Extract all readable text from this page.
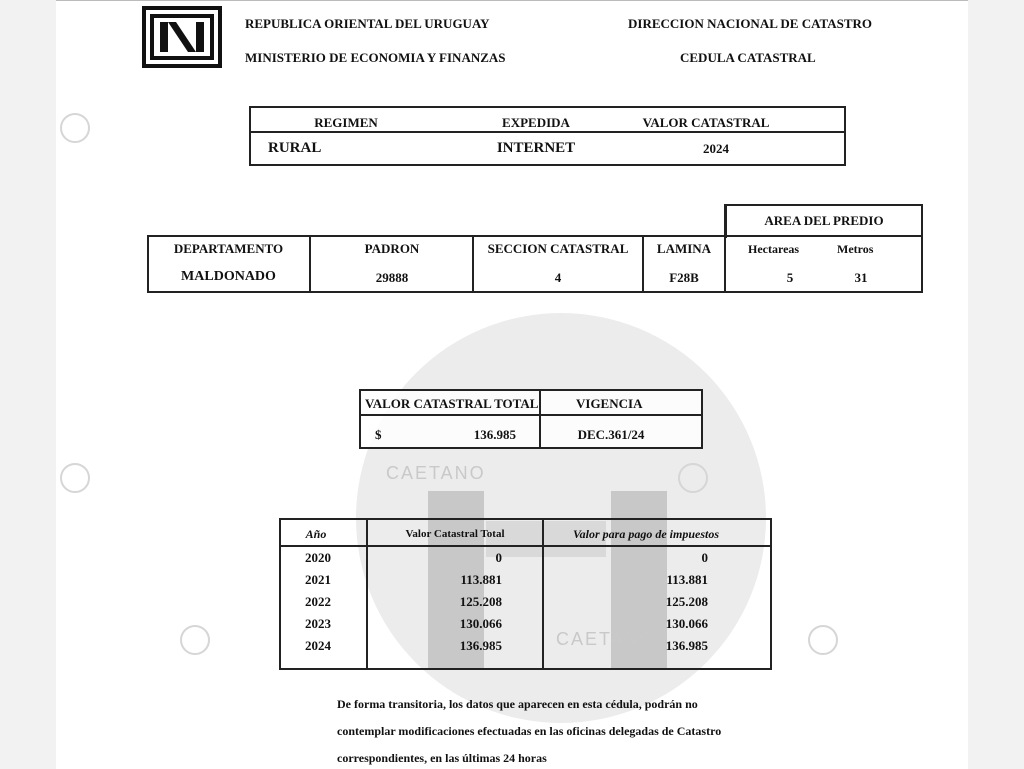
CAETANO
CAETANO
REPUBLICA ORIENTAL DEL URUGUAY
MINISTERIO DE ECONOMIA Y FINANZAS
DIRECCION NACIONAL DE CATASTRO
CEDULA CATASTRAL
REGIMEN	EXPEDIDA	VALOR CATASTRAL
RURAL	INTERNET	2024
AREA DEL PREDIO
DEPARTAMENTO	PADRON	SECCION CATASTRAL	LAMINA	Hectareas	Metros
MALDONADO	29888	4	F28B	5	31
VALOR CATASTRAL TOTAL	VIGENCIA
$	136.985	DEC.361/24
Año	Valor Catastral Total	Valor para pago de impuestos
2020	0	0
2021	113.881	113.881
2022	125.208	125.208
2023	130.066	130.066
2024	136.985	136.985
De forma transitoria, los datos que aparecen en esta cédula, podrán no
contemplar modificaciones efectuadas en las oficinas delegadas de Catastro
correspondientes, en las últimas 24 horas
